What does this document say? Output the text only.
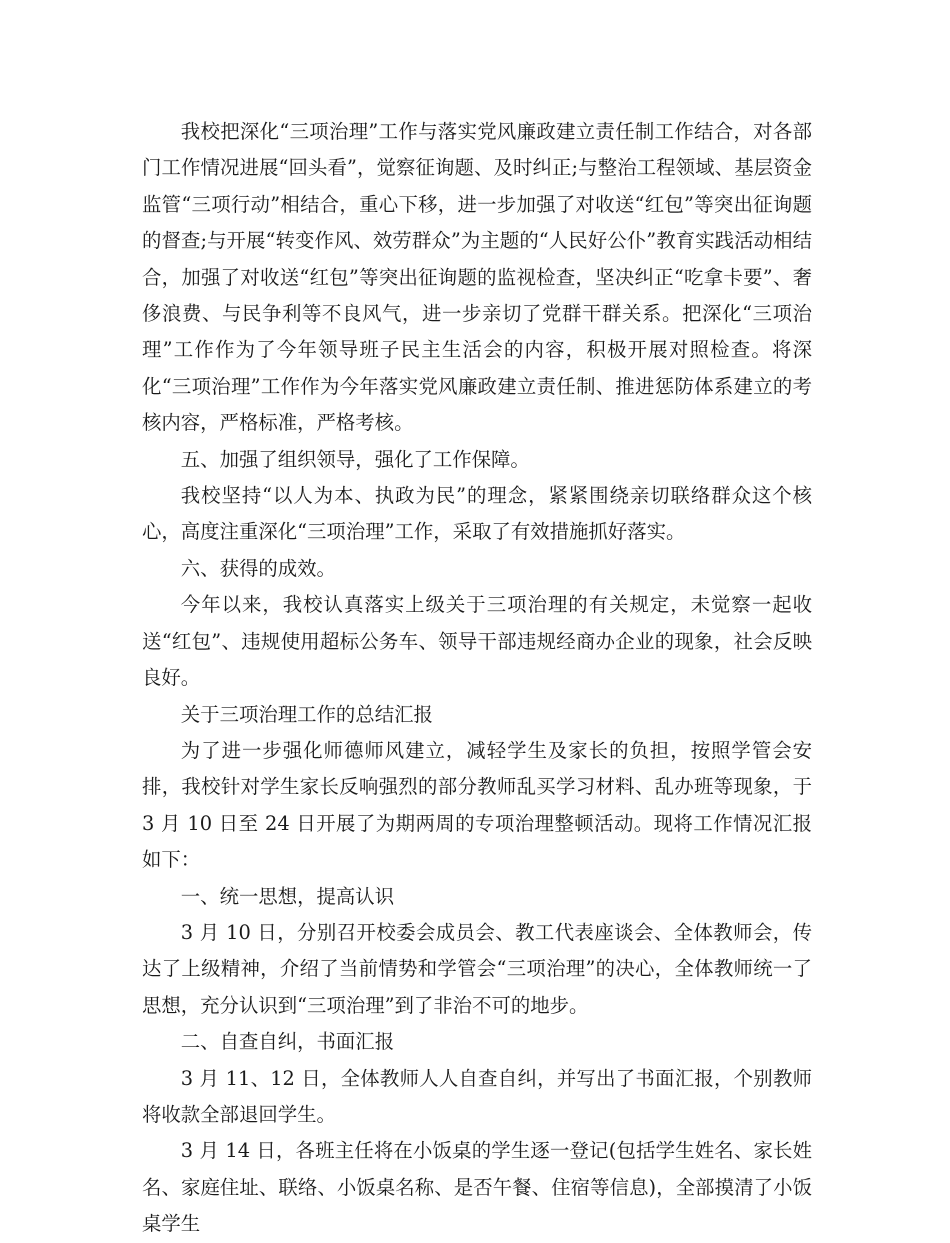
我校把深化“三项治理”工作与落实党风廉政建立责任制工作结合，对各部门工作情况进展“回头看”，觉察征询题、及时纠正;与整治工程领域、基层资金监管“三项行动”相结合，重心下移，进一步加强了对收送“红包”等突出征询题的督查;与开展“转变作风、效劳群众”为主题的“人民好公仆”教育实践活动相结合，加强了对收送“红包”等突出征询题的监视检查，坚决纠正“吃拿卡要”、奢侈浪费、与民争利等不良风气，进一步亲切了党群干群关系。把深化“三项治理”工作作为了今年领导班子民主生活会的内容，积极开展对照检查。将深化“三项治理”工作作为今年落实党风廉政建立责任制、推进惩防体系建立的考核内容，严格标准，严格考核。

五、加强了组织领导，强化了工作保障。

我校坚持“以人为本、执政为民”的理念，紧紧围绕亲切联络群众这个核心，高度注重深化“三项治理”工作，采取了有效措施抓好落实。

六、获得的成效。

今年以来，我校认真落实上级关于三项治理的有关规定，未觉察一起收送“红包”、违规使用超标公务车、领导干部违规经商办企业的现象，社会反映良好。

关于三项治理工作的总结汇报

为了进一步强化师德师风建立，减轻学生及家长的负担，按照学管会安排，我校针对学生家长反响强烈的部分教师乱买学习材料、乱办班等现象，于 3 月 10 日至 24 日开展了为期两周的专项治理整顿活动。现将工作情况汇报如下：

一、统一思想，提高认识

3 月 10 日，分别召开校委会成员会、教工代表座谈会、全体教师会，传达了上级精神，介绍了当前情势和学管会“三项治理”的决心，全体教师统一了思想，充分认识到“三项治理”到了非治不可的地步。

二、自查自纠，书面汇报

3 月 11、12 日，全体教师人人自查自纠，并写出了书面汇报，个别教师将收款全部退回学生。

3 月 14 日，各班主任将在小饭桌的学生逐一登记(包括学生姓名、家长姓名、家庭住址、联络、小饭桌名称、是否午餐、住宿等信息)，全部摸清了小饭桌学生
